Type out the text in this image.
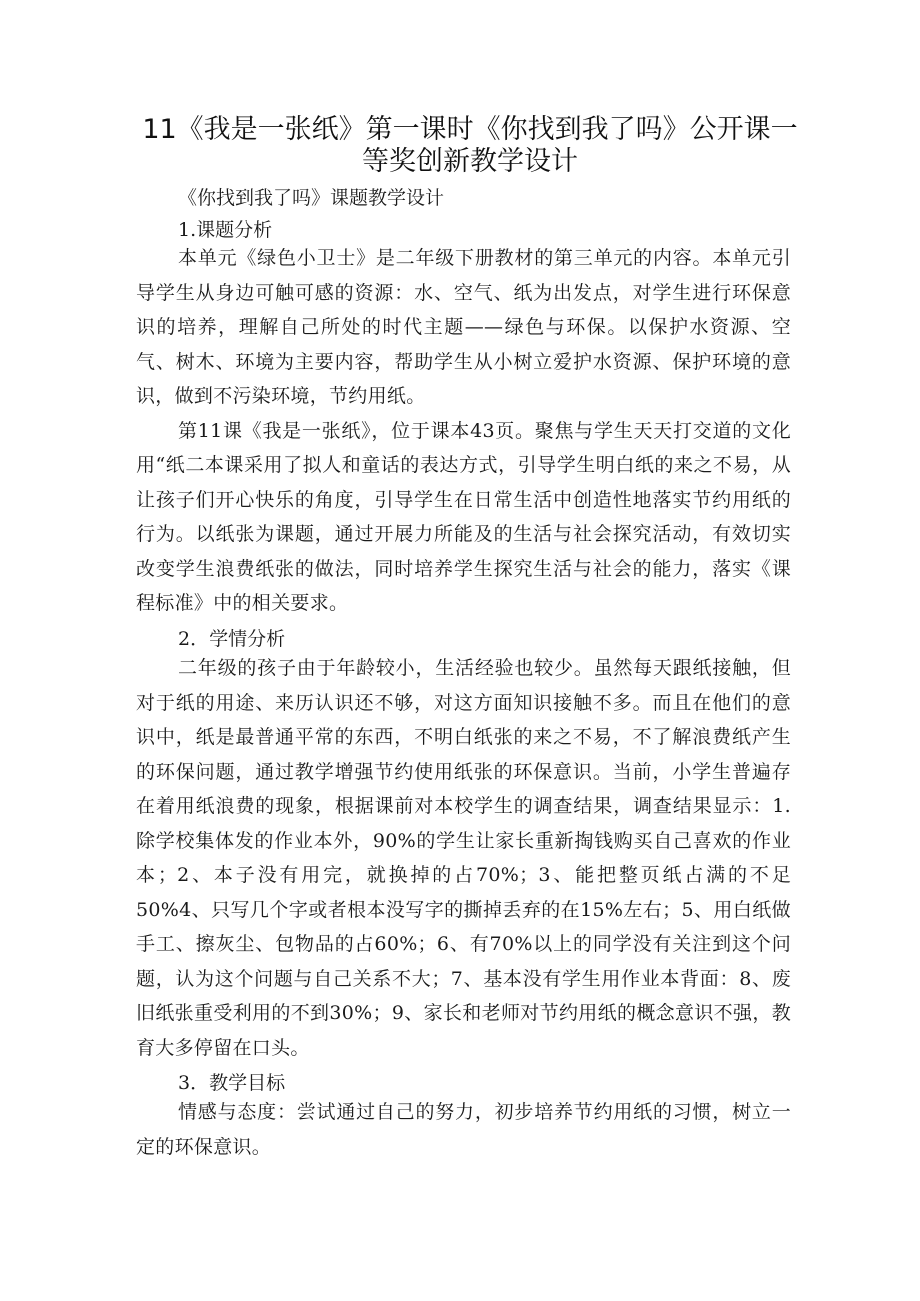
11《我是一张纸》第一课时《你找到我了吗》公开课一
等奖创新教学设计
《你找到我了吗》课题教学设计
1.课题分析

本单元《绿色小卫士》是二年级下册教材的第三单元的内容。本单元引导学生从身边可触可感的资源：水、空气、纸为出发点，对学生进行环保意识的培养，理解自己所处的时代主题——绿色与环保。以保护水资源、空气、树木、环境为主要内容，帮助学生从小树立爱护水资源、保护环境的意识，做到不污染环境，节约用纸。

第11课《我是一张纸》，位于课本43页。聚焦与学生天天打交道的文化用“纸二本课采用了拟人和童话的表达方式，引导学生明白纸的来之不易，从让孩子们开心快乐的角度，引导学生在日常生活中创造性地落实节约用纸的行为。以纸张为课题，通过开展力所能及的生活与社会探究活动，有效切实改变学生浪费纸张的做法，同时培养学生探究生活与社会的能力，落实《课程标准》中的相关要求。

2．学情分析

二年级的孩子由于年龄较小，生活经验也较少。虽然每天跟纸接触，但对于纸的用途、来历认识还不够，对这方面知识接触不多。而且在他们的意识中，纸是最普通平常的东西，不明白纸张的来之不易，不了解浪费纸产生的环保问题，通过教学增强节约使用纸张的环保意识。当前，小学生普遍存在着用纸浪费的现象，根据课前对本校学生的调查结果，调查结果显示：1.除学校集体发的作业本外，90%的学生让家长重新掏钱购买自己喜欢的作业本；2、本子没有用完，就换掉的占70%；3、能把整页纸占满的不足50%4、只写几个字或者根本没写字的撕掉丢弃的在15%左右；5、用白纸做手工、擦灰尘、包物品的占60%；6、有70%以上的同学没有关注到这个问题，认为这个问题与自己关系不大；7、基本没有学生用作业本背面：8、废旧纸张重受利用的不到30%；9、家长和老师对节约用纸的概念意识不强，教育大多停留在口头。

3．教学目标

情感与态度：尝试通过自己的努力，初步培养节约用纸的习惯，树立一定的环保意识。
